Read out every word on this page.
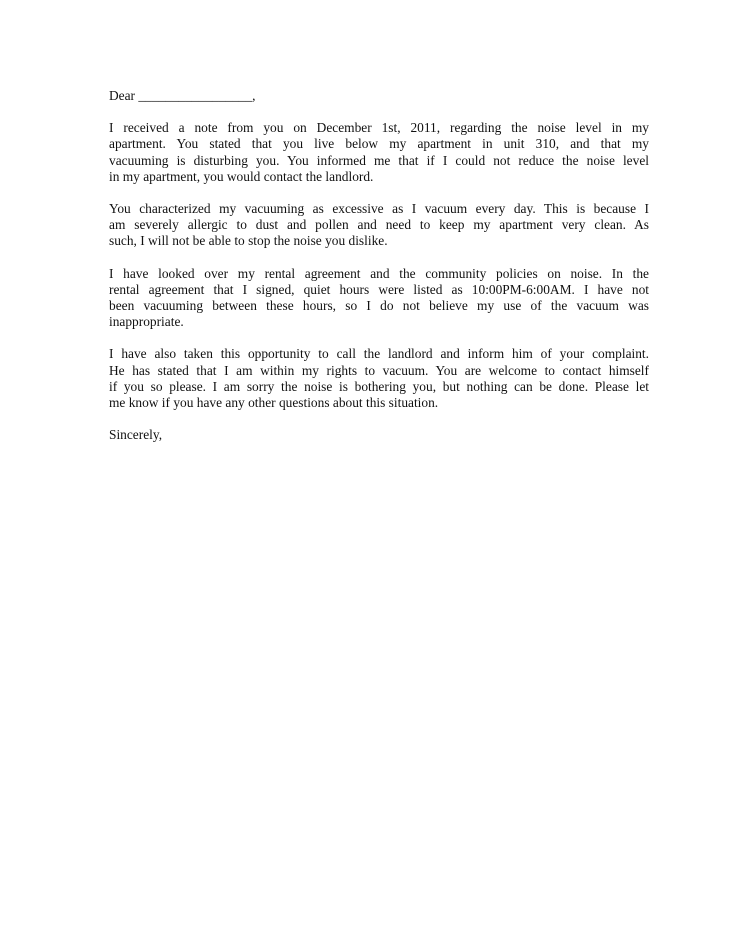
Dear _________________,
I received a note from you on December 1st, 2011, regarding the noise level in my
apartment. You stated that you live below my apartment in unit 310, and that my
vacuuming is disturbing you. You informed me that if I could not reduce the noise level
in my apartment, you would contact the landlord.
You characterized my vacuuming as excessive as I vacuum every day. This is because I
am severely allergic to dust and pollen and need to keep my apartment very clean. As
such, I will not be able to stop the noise you dislike.
I have looked over my rental agreement and the community policies on noise. In the
rental agreement that I signed, quiet hours were listed as 10:00PM-6:00AM. I have not
been vacuuming between these hours, so I do not believe my use of the vacuum was
inappropriate.
I have also taken this opportunity to call the landlord and inform him of your complaint.
He has stated that I am within my rights to vacuum. You are welcome to contact himself
if you so please. I am sorry the noise is bothering you, but nothing can be done. Please let
me know if you have any other questions about this situation.
Sincerely,
